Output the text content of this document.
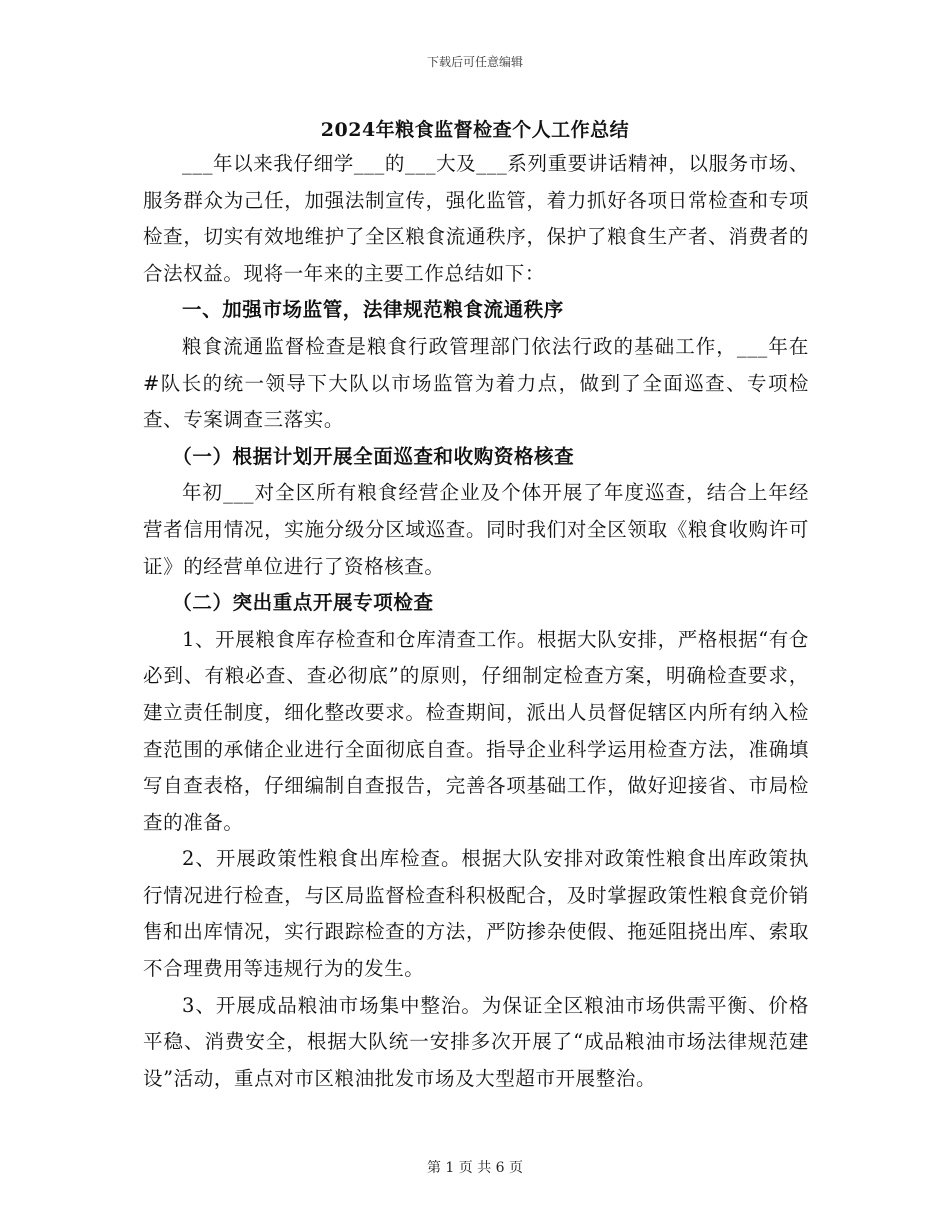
下载后可任意编辑
2024年粮食监督检查个人工作总结

___年以来我仔细学___的___大及___系列重要讲话精神，以服务市场、服务群众为己任，加强法制宣传，强化监管，着力抓好各项日常检查和专项检查，切实有效地维护了全区粮食流通秩序，保护了粮食生产者、消费者的合法权益。现将一年来的主要工作总结如下：

一、加强市场监管，法律规范粮食流通秩序

粮食流通监督检查是粮食行政管理部门依法行政的基础工作，___年在#队长的统一领导下大队以市场监管为着力点，做到了全面巡查、专项检查、专案调查三落实。

（一）根据计划开展全面巡查和收购资格核查

年初___对全区所有粮食经营企业及个体开展了年度巡查，结合上年经营者信用情况，实施分级分区域巡查。同时我们对全区领取《粮食收购许可证》的经营单位进行了资格核查。

（二）突出重点开展专项检查

1、开展粮食库存检查和仓库清查工作。根据大队安排，严格根据“有仓必到、有粮必查、查必彻底”的原则，仔细制定检查方案，明确检查要求，建立责任制度，细化整改要求。检查期间，派出人员督促辖区内所有纳入检查范围的承储企业进行全面彻底自查。指导企业科学运用检查方法，准确填写自查表格，仔细编制自查报告，完善各项基础工作，做好迎接省、市局检查的准备。

2、开展政策性粮食出库检查。根据大队安排对政策性粮食出库政策执行情况进行检查，与区局监督检查科积极配合，及时掌握政策性粮食竞价销售和出库情况，实行跟踪检查的方法，严防掺杂使假、拖延阻挠出库、索取不合理费用等违规行为的发生。

3、开展成品粮油市场集中整治。为保证全区粮油市场供需平衡、价格平稳、消费安全，根据大队统一安排多次开展了“成品粮油市场法律规范建设”活动，重点对市区粮油批发市场及大型超市开展整治。

第 1 页 共 6 页
